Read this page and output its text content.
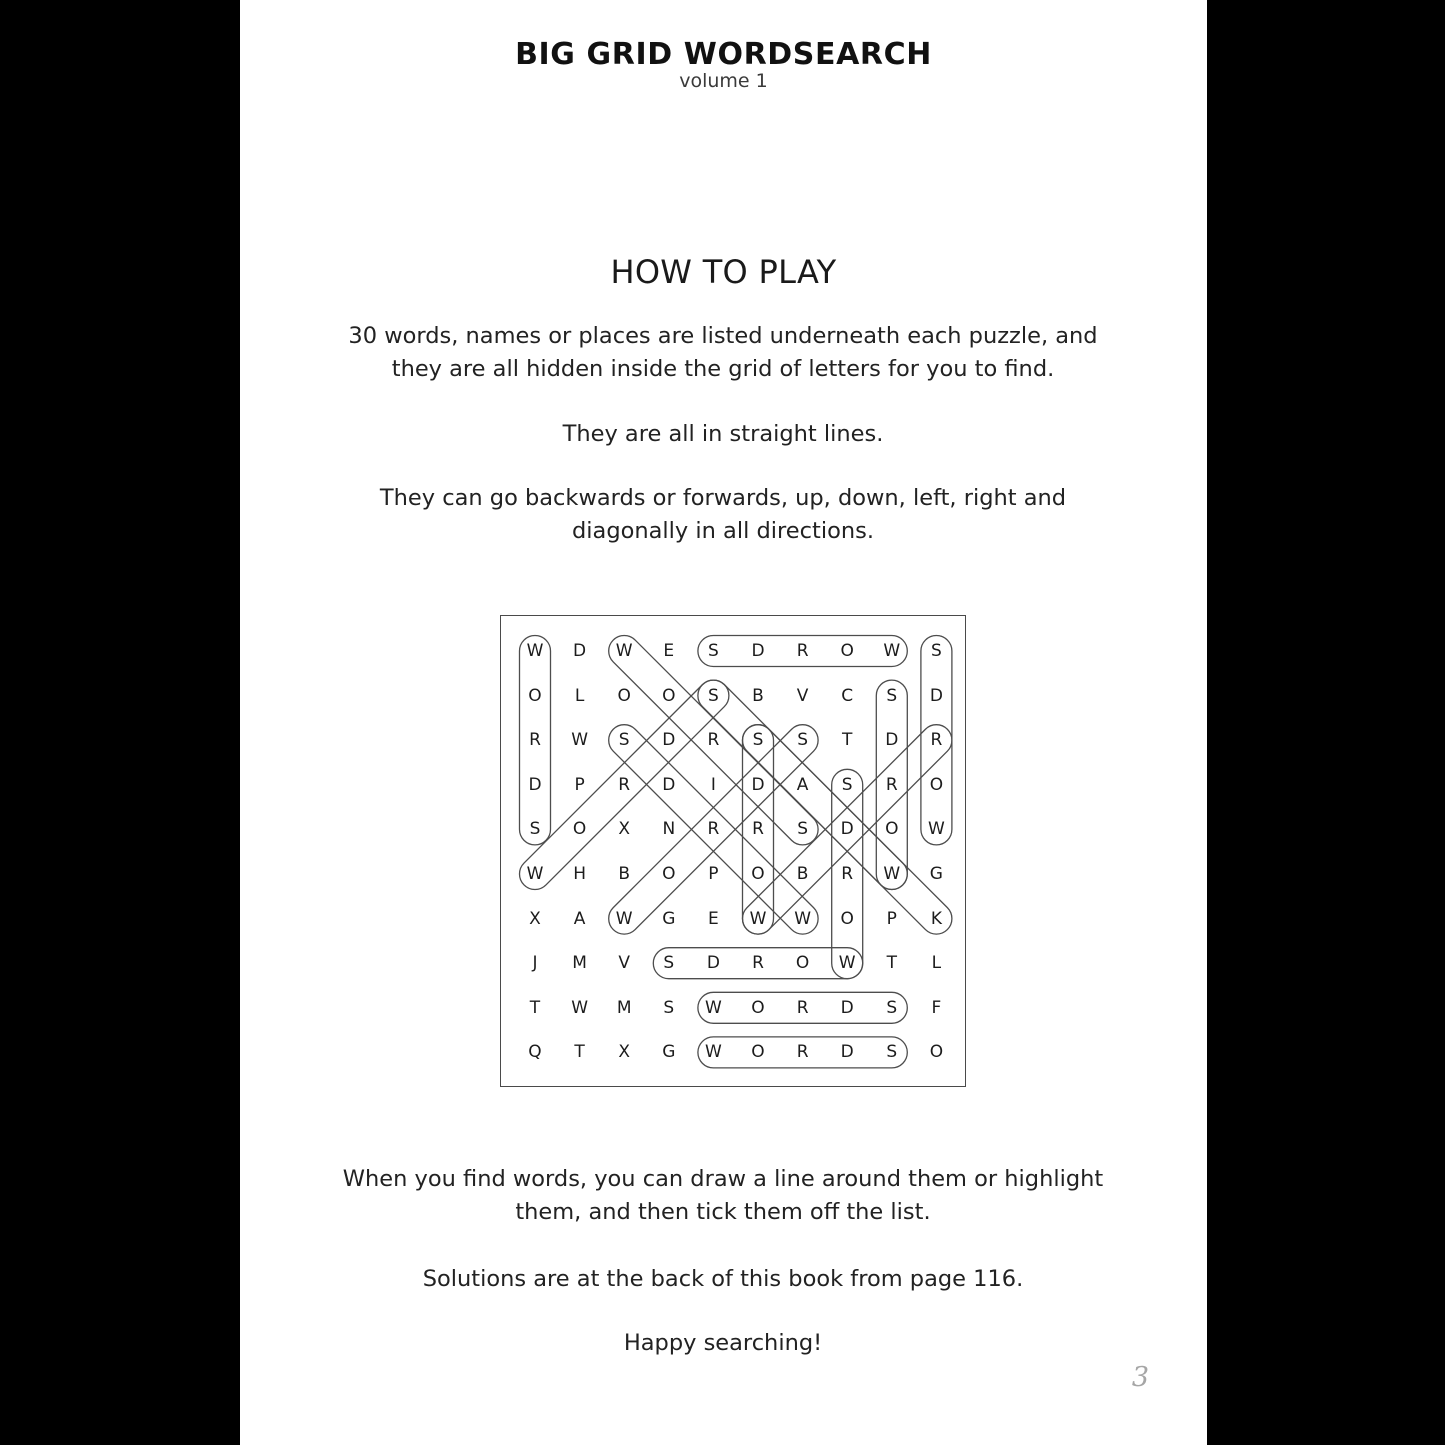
BIG GRID WORDSEARCH
volume 1
HOW TO PLAY
30 words, names or places are listed underneath each puzzle, and they are all hidden inside the grid of letters for you to find.
They are all in straight lines.
They can go backwards or forwards, up, down, left, right and diagonally in all directions.
W	D	W	E	S	D	R	O	W	S
O	L	O	O	S	B	V	C	S	D
R	W	S	D	R	S	S	T	D	R
D	P	R	D	I	D	A	S	R	O
S	O	X	N	R	R	S	D	O	W
W	H	B	O	P	O	B	R	W	G
X	A	W	G	E	W	W	O	P	K
J	M	V	S	D	R	O	W	T	L
T	W	M	S	W	O	R	D	S	F
Q	T	X	G	W	O	R	D	S	O
When you find words, you can draw a line around them or highlight them, and then tick them off the list.
Solutions are at the back of this book from page 116.
Happy searching!
3
